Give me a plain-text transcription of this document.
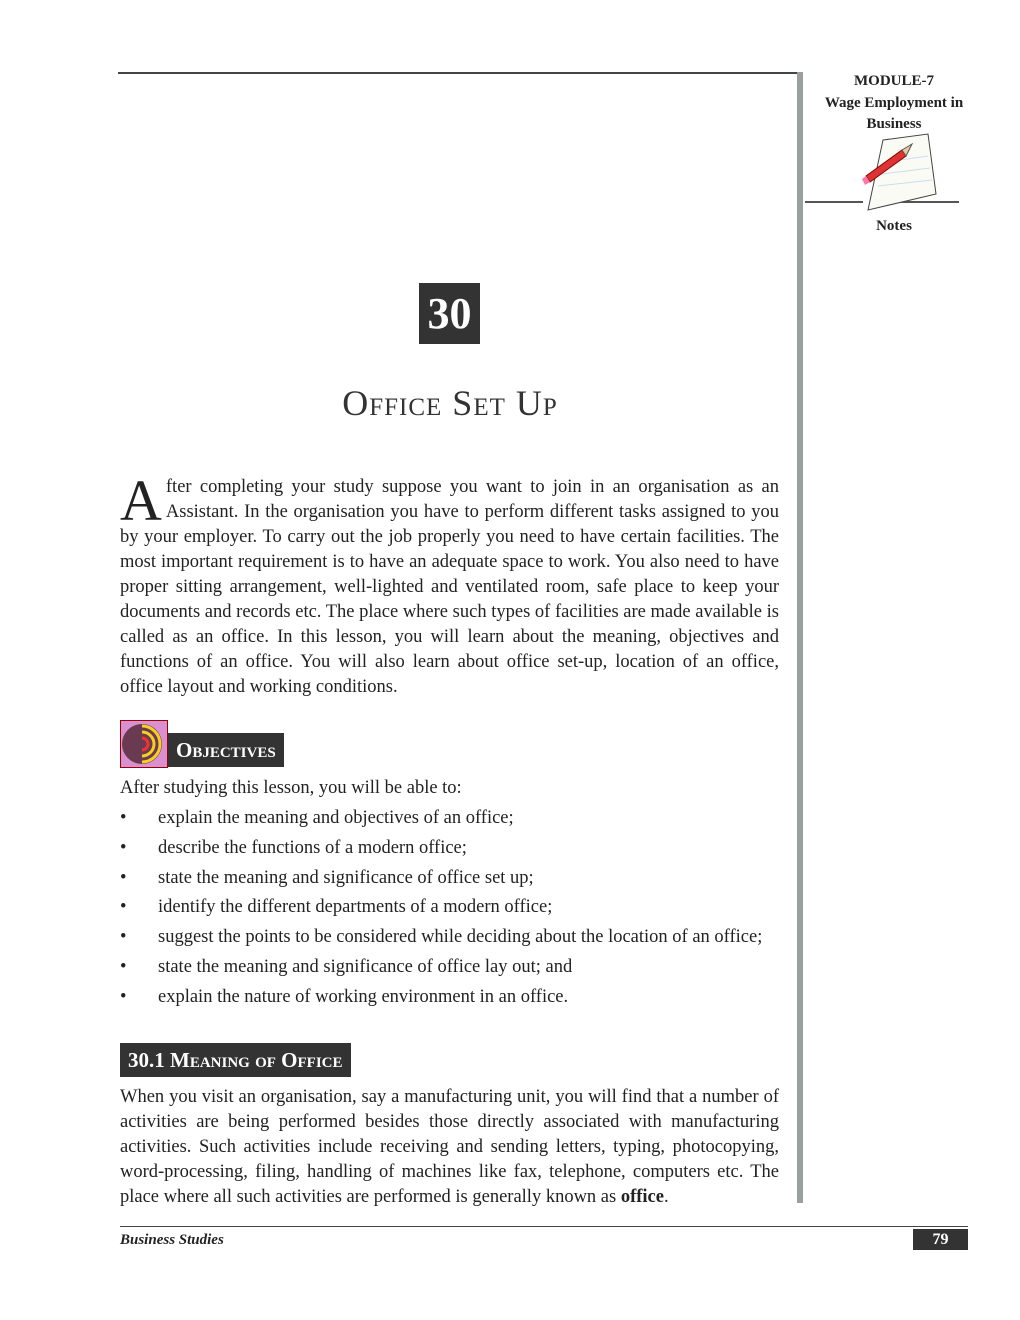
MODULE-7
Wage Employment in
Business
Notes
30
Office Set Up
After completing your study suppose you want to join in an organisation as an Assistant. In the organisation you have to perform different tasks assigned to you by your employer. To carry out the job properly you need to have certain facilities. The most important requirement is to have an adequate space to work. You also need to have proper sitting arrangement, well-lighted and ventilated room, safe place to keep your documents and records etc. The place where such types of facilities are made available is called as an office. In this lesson, you will learn about the meaning, objectives and functions of an office. You will also learn about office set-up, location of an office, office layout and working conditions.
Objectives
After studying this lesson, you will be able to:
• explain the meaning and objectives of an office;
• describe the functions of a modern office;
• state the meaning and significance of office set up;
• identify the different departments of a modern office;
• suggest the points to be considered while deciding about the location of an office;
• state the meaning and significance of office lay out; and
• explain the nature of working environment in an office.
30.1 Meaning of Office
When you visit an organisation, say a manufacturing unit, you will find that a number of activities are being performed besides those directly associated with manufacturing activities. Such activities include receiving and sending letters, typing, photocopying, word-processing, filing, handling of machines like fax, telephone, computers etc. The place where all such activities are performed is generally known as office.
Business Studies	79
